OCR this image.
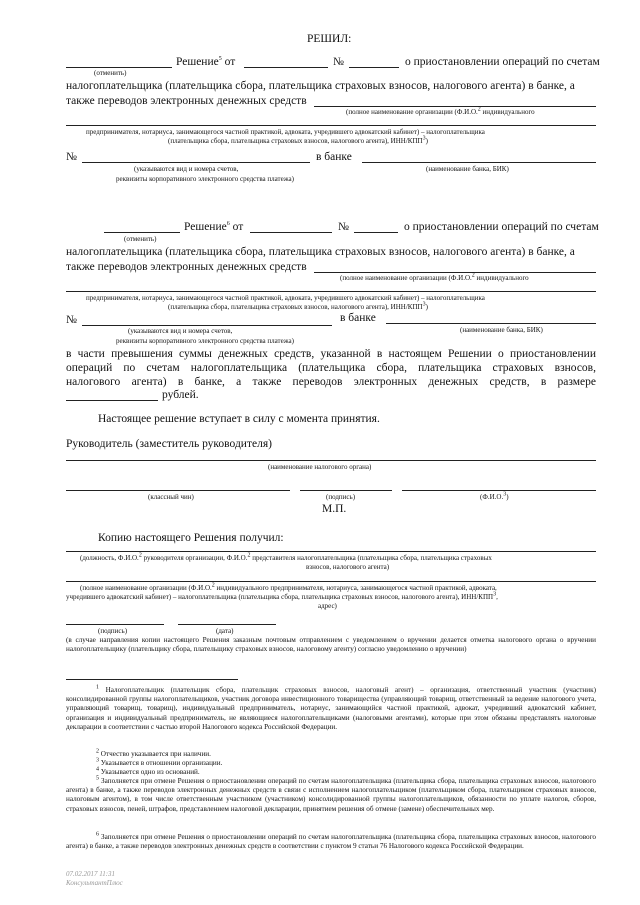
РЕШИЛ:
Решение$^5$ от	№	о приостановлении операций по счетам
(отменить)
налогоплательщика (плательщика сбора, плательщика страховых взносов, налогового агента) в банке, а
также переводов электронных денежных средств
(полное наименование организации (Ф.И.О.$^2$ индивидуального
предпринимателя, нотариуса, занимающегося частной практикой, адвоката, учредившего адвокатский кабинет) – налогоплательщика
(плательщика сбора, плательщика страховых взносов, налогового агента), ИНН/КПП$^3$)
№	в банке
(указываются вид и номера счетов,	(наименование банка, БИК)
реквизиты корпоративного электронного средства платежа)
Решение$^6$ от	№	о приостановлении операций по счетам
(отменить)
налогоплательщика (плательщика сбора, плательщика страховых взносов, налогового агента) в банке, а
также переводов электронных денежных средств
(полное наименование организации (Ф.И.О.$^2$ индивидуального
предпринимателя, нотариуса, занимающегося частной практикой, адвоката, учредившего адвокатский кабинет) – налогоплательщика
(плательщика сбора, плательщика страховых взносов, налогового агента), ИНН/КПП$^3$)
№	в банке
(указываются вид и номера счетов,	(наименование банка, БИК)
реквизиты корпоративного электронного средства платежа)
в части превышения суммы денежных средств, указанной в настоящем Решении о приостановлении
операций по счетам налогоплательщика (плательщика сбора, плательщика страховых взносов,
налогового агента) в банке, а также переводов электронных денежных средств, в размере
рублей.
Настоящее решение вступает в силу с момента принятия.
Руководитель (заместитель руководителя)
(наименование налогового органа)
(классный чин)	(подпись)	(Ф.И.О.$^3$)
М.П.
Копию настоящего Решения получил:
(должность, Ф.И.О.$^2$ руководителя организации, Ф.И.О.$^2$ представителя налогоплательщика (плательщика сбора, плательщика страховых
взносов, налогового агента)
(полное наименование организации (Ф.И.О.$^2$ индивидуального предпринимателя, нотариуса, занимающегося частной практикой, адвоката,
учредившего адвокатский кабинет) – налогоплательщика (плательщика сбора, плательщика страховых взносов, налогового агента), ИНН/КПП$^3$,
адрес)
(подпись)	(дата)
(в случае направления копии настоящего Решения заказным почтовым отправлением с уведомлением о вручении делается отметка налогового органа о вручении налогоплательщику (плательщику сбора, плательщику страховых взносов, налоговому агенту) согласно уведомлению о вручении)
$^1$ Налогоплательщик (плательщик сбора, плательщик страховых взносов, налоговый агент) – организация, ответственный участник (участник) консолидированной группы налогоплательщиков, участник договора инвестиционного товарищества (управляющий товарищ, ответственный за ведение налогового учета, управляющий товарищ, товарищ), индивидуальный предприниматель, нотариус, занимающийся частной практикой, адвокат, учредивший адвокатский кабинет, организация и индивидуальный предприниматель, не являющиеся налогоплательщиками (налоговыми агентами), которые при этом обязаны представлять налоговые декларации в соответствии с частью второй Налогового кодекса Российской Федерации.
$^2$ Отчество указывается при наличии.
$^3$ Указывается в отношении организации.
$^4$ Указывается одно из оснований.
$^5$ Заполняется при отмене Решения о приостановлении операций по счетам налогоплательщика (плательщика сбора, плательщика страховых взносов, налогового агента) в банке, а также переводов электронных денежных средств в связи с исполнением налогоплательщиком (плательщиком сбора, плательщиком страховых взносов, налоговым агентом), в том числе ответственным участником (участником) консолидированной группы налогоплательщиков, обязанности по уплате налогов, сборов, страховых взносов, пеней, штрафов, представлением налоговой декларации, принятием решения об отмене (замене) обеспечительных мер.
$^6$ Заполняется при отмене Решения о приостановлении операций по счетам налогоплательщика (плательщика сбора, плательщика страховых взносов, налогового агента) в банке, а также переводов электронных денежных средств в соответствии с пунктом 9 статьи 76 Налогового кодекса Российской Федерации.
07.02.2017 11:31
КонсультантПлюс
